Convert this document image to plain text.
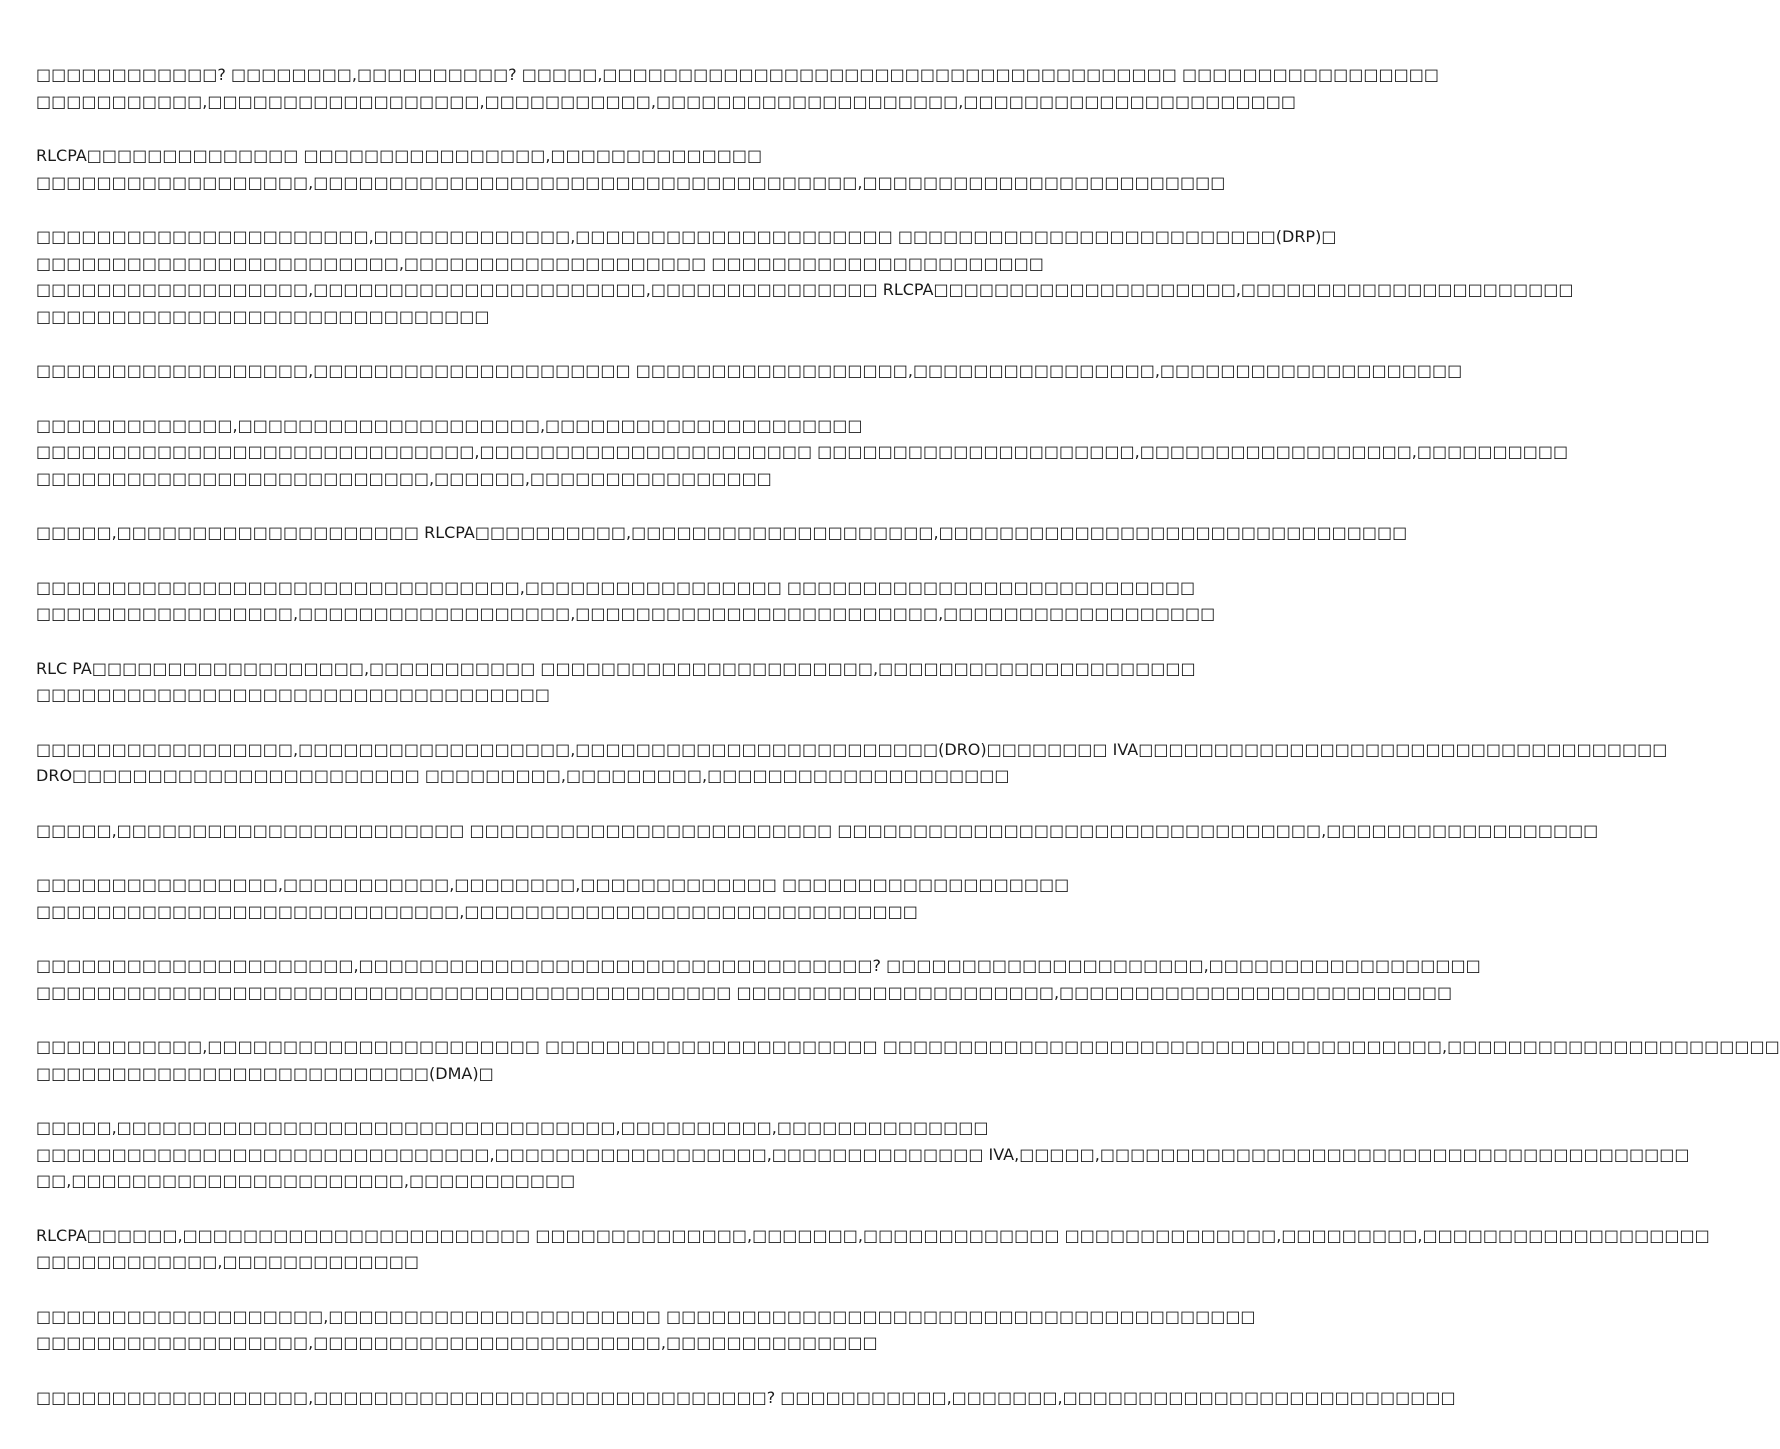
□□□□□□□□□□□□? □□□□□□□□,□□□□□□□□□□? □□□□□,□□□□□□□□□□□□□□□□□□□□□□□□□□□□□□□□□□□□□□ □□□□□□□□□□□□□□□□□
□□□□□□□□□□□,□□□□□□□□□□□□□□□□□□,□□□□□□□□□□□,□□□□□□□□□□□□□□□□□□□□,□□□□□□□□□□□□□□□□□□□□□□
RLCPA□□□□□□□□□□□□□□ □□□□□□□□□□□□□□□□,□□□□□□□□□□□□□□
□□□□□□□□□□□□□□□□□□,□□□□□□□□□□□□□□□□□□□□□□□□□□□□□□□□□□□□,□□□□□□□□□□□□□□□□□□□□□□□□
□□□□□□□□□□□□□□□□□□□□□□,□□□□□□□□□□□□□,□□□□□□□□□□□□□□□□□□□□□ □□□□□□□□□□□□□□□□□□□□□□□□□(DRP)□
□□□□□□□□□□□□□□□□□□□□□□□□,□□□□□□□□□□□□□□□□□□□□ □□□□□□□□□□□□□□□□□□□□□□
□□□□□□□□□□□□□□□□□□,□□□□□□□□□□□□□□□□□□□□□□,□□□□□□□□□□□□□□□ RLCPA□□□□□□□□□□□□□□□□□□□□,□□□□□□□□□□□□□□□□□□□□□□
□□□□□□□□□□□□□□□□□□□□□□□□□□□□□□
□□□□□□□□□□□□□□□□□□,□□□□□□□□□□□□□□□□□□□□□ □□□□□□□□□□□□□□□□□□,□□□□□□□□□□□□□□□□,□□□□□□□□□□□□□□□□□□□□
□□□□□□□□□□□□□,□□□□□□□□□□□□□□□□□□□□,□□□□□□□□□□□□□□□□□□□□□
□□□□□□□□□□□□□□□□□□□□□□□□□□□□□,□□□□□□□□□□□□□□□□□□□□□□ □□□□□□□□□□□□□□□□□□□□□,□□□□□□□□□□□□□□□□□□,□□□□□□□□□□
□□□□□□□□□□□□□□□□□□□□□□□□□□,□□□□□□,□□□□□□□□□□□□□□□□
□□□□□,□□□□□□□□□□□□□□□□□□□□ RLCPA□□□□□□□□□□,□□□□□□□□□□□□□□□□□□□□,□□□□□□□□□□□□□□□□□□□□□□□□□□□□□□□
□□□□□□□□□□□□□□□□□□□□□□□□□□□□□□□□,□□□□□□□□□□□□□□□□□ □□□□□□□□□□□□□□□□□□□□□□□□□□□
□□□□□□□□□□□□□□□□□,□□□□□□□□□□□□□□□□□□,□□□□□□□□□□□□□□□□□□□□□□□□,□□□□□□□□□□□□□□□□□□
RLC PA□□□□□□□□□□□□□□□□□□,□□□□□□□□□□□ □□□□□□□□□□□□□□□□□□□□□□,□□□□□□□□□□□□□□□□□□□□□
□□□□□□□□□□□□□□□□□□□□□□□□□□□□□□□□□□
□□□□□□□□□□□□□□□□□,□□□□□□□□□□□□□□□□□□,□□□□□□□□□□□□□□□□□□□□□□□□(DRO)□□□□□□□□ IVA□□□□□□□□□□□□□□□□□□□□□□□□□□□□□□□□□□□
DRO□□□□□□□□□□□□□□□□□□□□□□□ □□□□□□□□□,□□□□□□□□□,□□□□□□□□□□□□□□□□□□□□
□□□□□,□□□□□□□□□□□□□□□□□□□□□□□ □□□□□□□□□□□□□□□□□□□□□□□□ □□□□□□□□□□□□□□□□□□□□□□□□□□□□□□□□,□□□□□□□□□□□□□□□□□□
□□□□□□□□□□□□□□□□,□□□□□□□□□□□,□□□□□□□□,□□□□□□□□□□□□□ □□□□□□□□□□□□□□□□□□□
□□□□□□□□□□□□□□□□□□□□□□□□□□□□,□□□□□□□□□□□□□□□□□□□□□□□□□□□□□□
□□□□□□□□□□□□□□□□□□□□□,□□□□□□□□□□□□□□□□□□□□□□□□□□□□□□□□□□? □□□□□□□□□□□□□□□□□□□□□,□□□□□□□□□□□□□□□□□□
□□□□□□□□□□□□□□□□□□□□□□□□□□□□□□□□□□□□□□□□□□□□□□ □□□□□□□□□□□□□□□□□□□□□,□□□□□□□□□□□□□□□□□□□□□□□□□□
□□□□□□□□□□□,□□□□□□□□□□□□□□□□□□□□□□ □□□□□□□□□□□□□□□□□□□□□□ □□□□□□□□□□□□□□□□□□□□□□□□□□□□□□□□□□□□□,□□□□□□□□□□□□□□□□□□□□□□
□□□□□□□□□□□□□□□□□□□□□□□□□□(DMA)□
□□□□□,□□□□□□□□□□□□□□□□□□□□□□□□□□□□□□□□□,□□□□□□□□□□,□□□□□□□□□□□□□□
□□□□□□□□□□□□□□□□□□□□□□□□□□□□□□,□□□□□□□□□□□□□□□□□□,□□□□□□□□□□□□□□ IVA,□□□□□,□□□□□□□□□□□□□□□□□□□□□□□□□□□□□□□□□□□□□□□
□□,□□□□□□□□□□□□□□□□□□□□□□,□□□□□□□□□□□
RLCPA□□□□□□,□□□□□□□□□□□□□□□□□□□□□□□ □□□□□□□□□□□□□□,□□□□□□□,□□□□□□□□□□□□□ □□□□□□□□□□□□□□,□□□□□□□□□,□□□□□□□□□□□□□□□□□□□
□□□□□□□□□□□□,□□□□□□□□□□□□□
□□□□□□□□□□□□□□□□□□□,□□□□□□□□□□□□□□□□□□□□□□ □□□□□□□□□□□□□□□□□□□□□□□□□□□□□□□□□□□□□□□
□□□□□□□□□□□□□□□□□□,□□□□□□□□□□□□□□□□□□□□□□□,□□□□□□□□□□□□□□
□□□□□□□□□□□□□□□□□□,□□□□□□□□□□□□□□□□□□□□□□□□□□□□□□? □□□□□□□□□□□,□□□□□□□,□□□□□□□□□□□□□□□□□□□□□□□□□□
